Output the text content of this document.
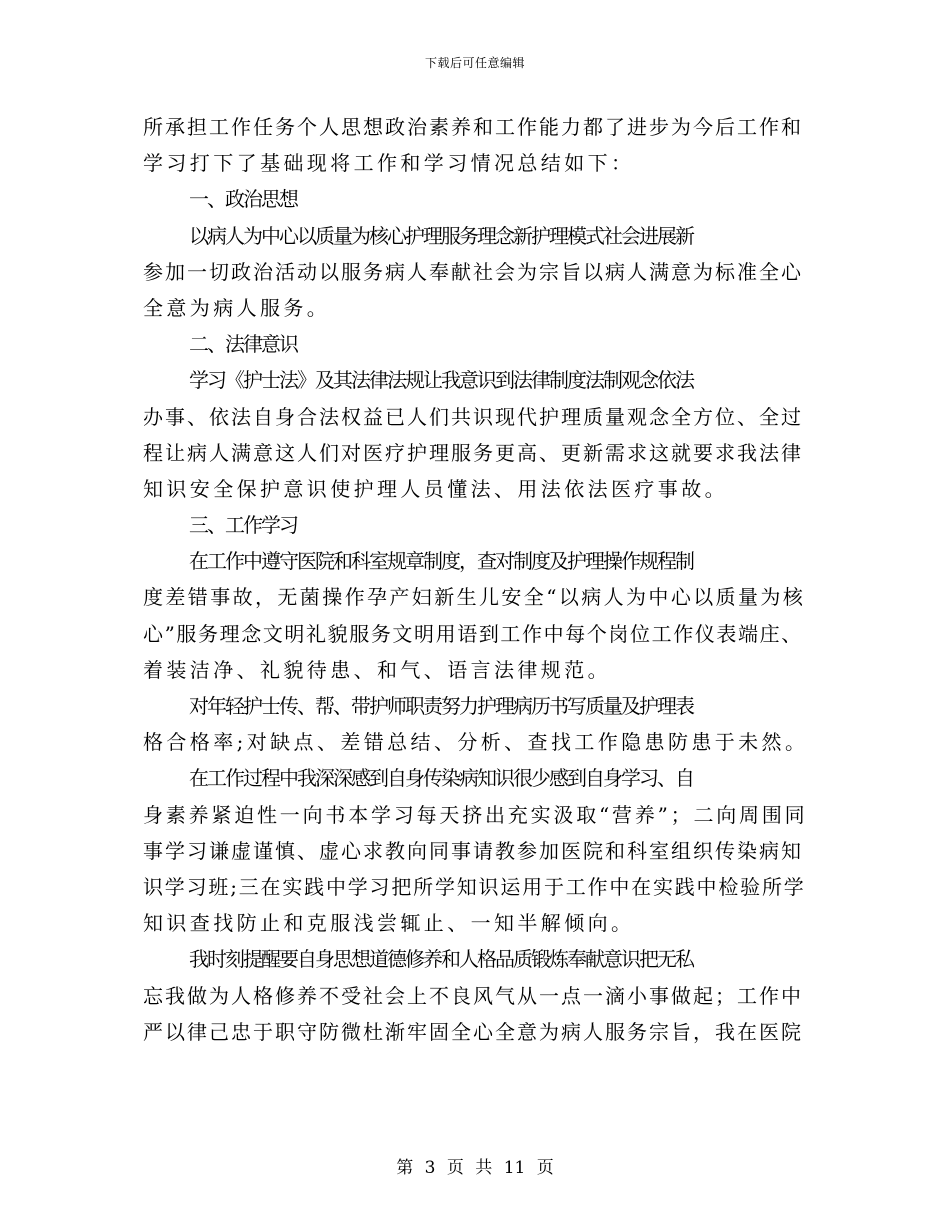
下载后可任意编辑
所承担工作任务个人思想政治素养和工作能力都了进步为今后工作和
学习打下了基础现将工作和学习情况总结如下：
一、政治思想
以病人为中心以质量为核心护理服务理念新护理模式社会进展新
参加一切政治活动以服务病人奉献社会为宗旨以病人满意为标准全心
全意为病人服务。
二、法律意识
学习《护士法》及其法律法规让我意识到法律制度法制观念依法
办事、依法自身合法权益已人们共识现代护理质量观念全方位、全过
程让病人满意这人们对医疗护理服务更高、更新需求这就要求我法律
知识安全保护意识使护理人员懂法、用法依法医疗事故。
三、工作学习
在工作中遵守医院和科室规章制度，查对制度及护理操作规程制
度差错事故，无菌操作孕产妇新生儿安全“以病人为中心以质量为核
心”服务理念文明礼貌服务文明用语到工作中每个岗位工作仪表端庄、
着装洁净、礼貌待患、和气、语言法律规范。
对年轻护士传、帮、带护师职责努力护理病历书写质量及护理表
格合格率;对缺点、差错总结、分析、查找工作隐患防患于未然。
在工作过程中我深深感到自身传染病知识很少感到自身学习、自
身素养紧迫性一向书本学习每天挤出充实汲取“营养”；二向周围同
事学习谦虚谨慎、虚心求教向同事请教参加医院和科室组织传染病知
识学习班;三在实践中学习把所学知识运用于工作中在实践中检验所学
知识查找防止和克服浅尝辄止、一知半解倾向。
我时刻提醒要自身思想道德修养和人格品质锻炼奉献意识把无私
忘我做为人格修养不受社会上不良风气从一点一滴小事做起；工作中
严以律己忠于职守防微杜渐牢固全心全意为病人服务宗旨，我在医院
第 3 页 共 11 页
